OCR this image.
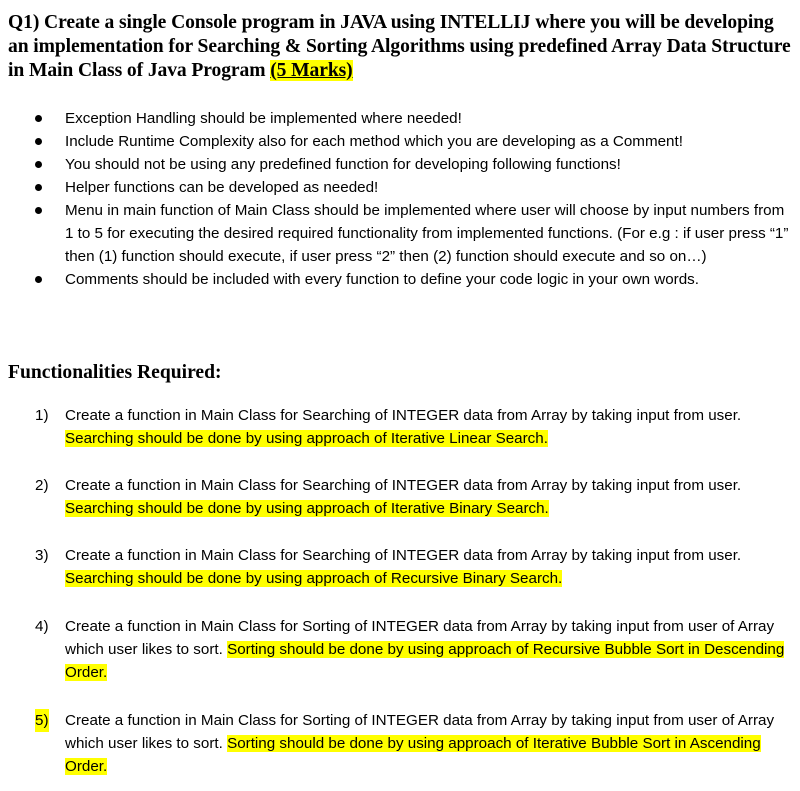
Q1) Create a single Console program in JAVA using INTELLIJ where you will be developing an implementation for Searching & Sorting Algorithms using predefined Array Data Structure in Main Class of Java Program (5 Marks)
Exception Handling should be implemented where needed!
Include Runtime Complexity also for each method which you are developing as a Comment!
You should not be using any predefined function for developing following functions!
Helper functions can be developed as needed!
Menu in main function of Main Class should be implemented where user will choose by input numbers from 1 to 5 for executing the desired required functionality from implemented functions. (For e.g : if user press “1” then (1) function should execute, if user press “2” then (2) function should execute and so on…)
Comments should be included with every function to define your code logic in your own words.
Functionalities Required:
1)	Create a function in Main Class for Searching of INTEGER data from Array by taking input from user. Searching should be done by using approach of Iterative Linear Search.
2)	Create a function in Main Class for Searching of INTEGER data from Array by taking input from user. Searching should be done by using approach of Iterative Binary Search.
3)	Create a function in Main Class for Searching of INTEGER data from Array by taking input from user. Searching should be done by using approach of Recursive Binary Search.
4)	Create a function in Main Class for Sorting of INTEGER data from Array by taking input from user of Array which user likes to sort. Sorting should be done by using approach of Recursive Bubble Sort in Descending Order.
5)	Create a function in Main Class for Sorting of INTEGER data from Array by taking input from user of Array which user likes to sort. Sorting should be done by using approach of Iterative Bubble Sort in Ascending Order.
